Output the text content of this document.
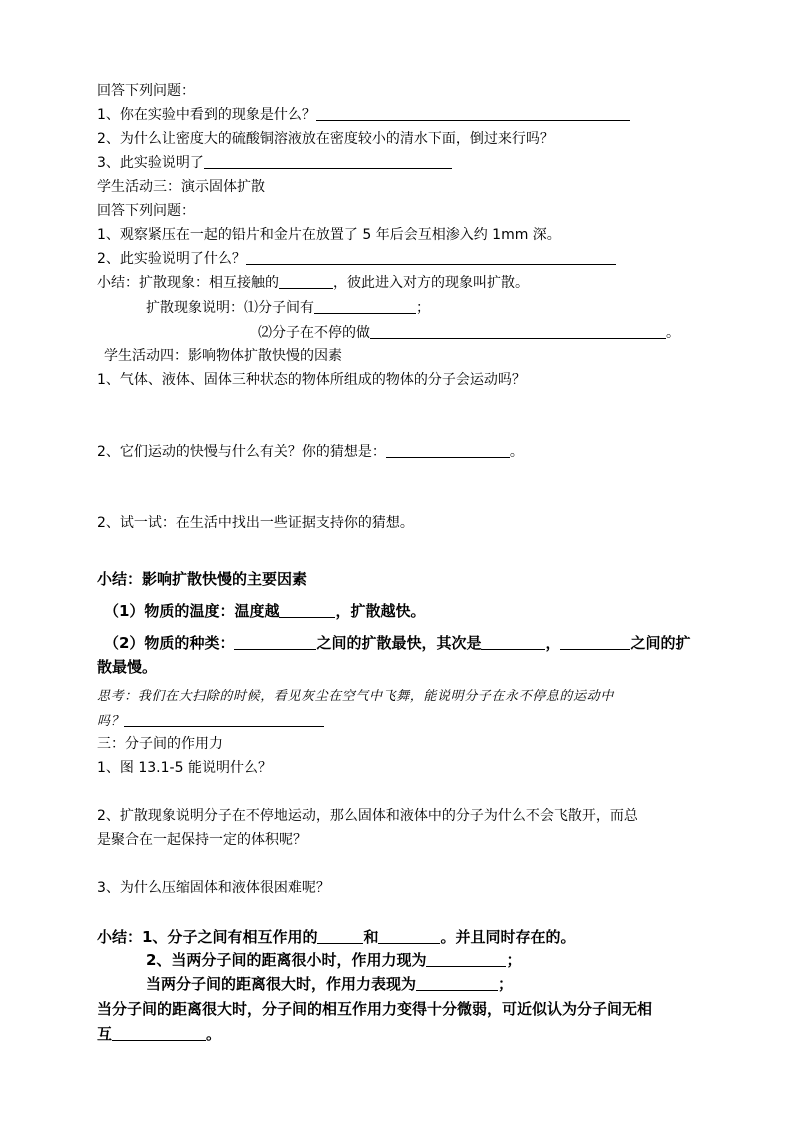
回答下列问题：
1、你在实验中看到的现象是什么？
2、为什么让密度大的硫酸铜溶液放在密度较小的清水下面，倒过来行吗？
3、此实验说明了
学生活动三：演示固体扩散
回答下列问题：
1、观察紧压在一起的铅片和金片在放置了 5 年后会互相渗入约 1mm 深。
2、此实验说明了什么？
小结：扩散现象：相互接触的	，彼此进入对方的现象叫扩散。
扩散现象说明：⑴分子间有	；
⑵分子在不停的做	。
学生活动四：影响物体扩散快慢的因素
1、气体、液体、固体三种状态的物体所组成的物体的分子会运动吗？
2、它们运动的快慢与什么有关？你的猜想是：	。
2、试一试：在生活中找出一些证据支持你的猜想。
小结：影响扩散快慢的主要因素
（1）物质的温度：温度越	，扩散越快。
（2）物质的种类：	之间的扩散最快，其次是	，	之间的扩
散最慢。
思考：我们在大扫除的时候，看见灰尘在空气中飞舞，能说明分子在永不停息的运动中
吗？
三：分子间的作用力
1、图 13.1-5 能说明什么？
2、扩散现象说明分子在不停地运动，那么固体和液体中的分子为什么不会飞散开，而总
是聚合在一起保持一定的体积呢？
3、为什么压缩固体和液体很困难呢？
小结：1、分子之间有相互作用的	和	。并且同时存在的。
2、当两分子间的距离很小时，作用力现为	；
当两分子间的距离很大时，作用力表现为	；
当分子间的距离很大时，分子间的相互作用力变得十分微弱，可近似认为分子间无相
互	。
